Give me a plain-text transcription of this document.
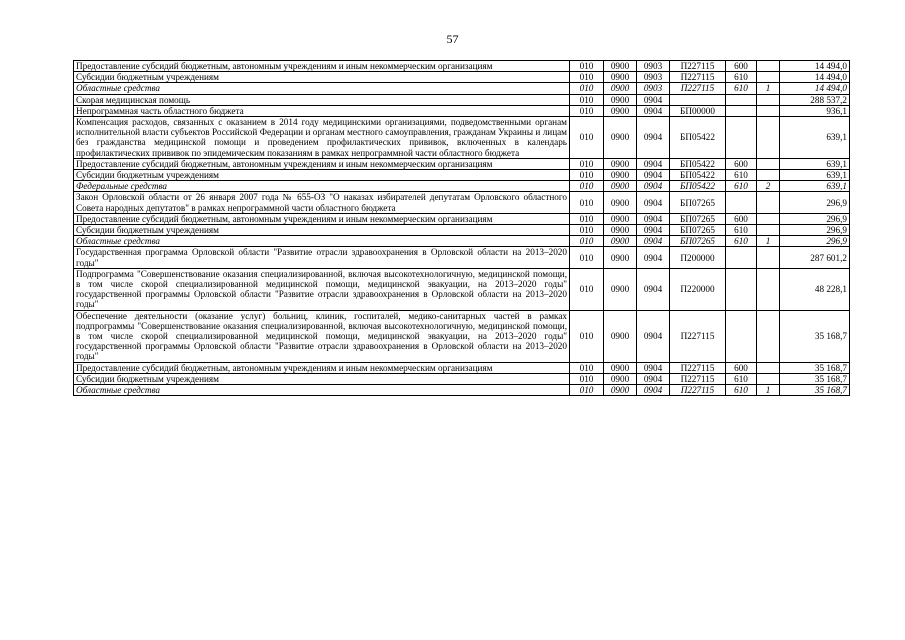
57
Предоставление субсидий бюджетным, автономным учреждениям и иным некоммерческим организациям	010	0900	0903	П227115	600		14 494,0
Субсидии бюджетным учреждениям	010	0900	0903	П227115	610		14 494,0
Областные средства	010	0900	0903	П227115	610	1	14 494,0
Скорая медицинская помощь	010	0900	0904				288 537,2
Непрограммная часть областного бюджета	010	0900	0904	БП00000			936,1
Компенсация расходов, связанных с оказанием в 2014 году медицинскими организациями, подведомственными органам исполнительной власти субъектов Российской Федерации и органам местного самоуправления, гражданам Украины и лицам без гражданства медицинской помощи и проведением профилактических прививок, включенных в календарь профилактических прививок по эпидемическим показаниям в рамках непрограммной части областного бюджета	010	0900	0904	БП05422			639,1
Предоставление субсидий бюджетным, автономным учреждениям и иным некоммерческим организациям	010	0900	0904	БП05422	600		639,1
Субсидии бюджетным учреждениям	010	0900	0904	БП05422	610		639,1
Федеральные средства	010	0900	0904	БП05422	610	2	639,1
Закон Орловской области от 26 января 2007 года № 655-ОЗ "О наказах избирателей депутатам Орловского областного Совета народных депутатов" в рамках непрограммной части областного бюджета	010	0900	0904	БП07265			296,9
Предоставление субсидий бюджетным, автономным учреждениям и иным некоммерческим организациям	010	0900	0904	БП07265	600		296,9
Субсидии бюджетным учреждениям	010	0900	0904	БП07265	610		296,9
Областные средства	010	0900	0904	БП07265	610	1	296,9
Государственная программа Орловской области "Развитие отрасли здравоохранения в Орловской области на 2013–2020 годы"	010	0900	0904	П200000			287 601,2
Подпрограмма "Совершенствование оказания специализированной, включая высокотехнологичную, медицинской помощи, в том числе скорой специализированной медицинской помощи, медицинской эвакуации, на 2013–2020 годы" государственной программы Орловской области "Развитие отрасли здравоохранения в Орловской области на 2013–2020 годы"	010	0900	0904	П220000			48 228,1
Обеспечение деятельности (оказание услуг) больниц, клиник, госпиталей, медико-санитарных частей в рамках подпрограммы "Совершенствование оказания специализированной, включая высокотехнологичную, медицинской помощи, в том числе скорой специализированной медицинской помощи, медицинской эвакуации, на 2013–2020 годы" государственной программы Орловской области "Развитие отрасли здравоохранения в Орловской области на 2013–2020 годы"	010	0900	0904	П227115			35 168,7
Предоставление субсидий бюджетным, автономным учреждениям и иным некоммерческим организациям	010	0900	0904	П227115	600		35 168,7
Субсидии бюджетным учреждениям	010	0900	0904	П227115	610		35 168,7
Областные средства	010	0900	0904	П227115	610	1	35 168,7
